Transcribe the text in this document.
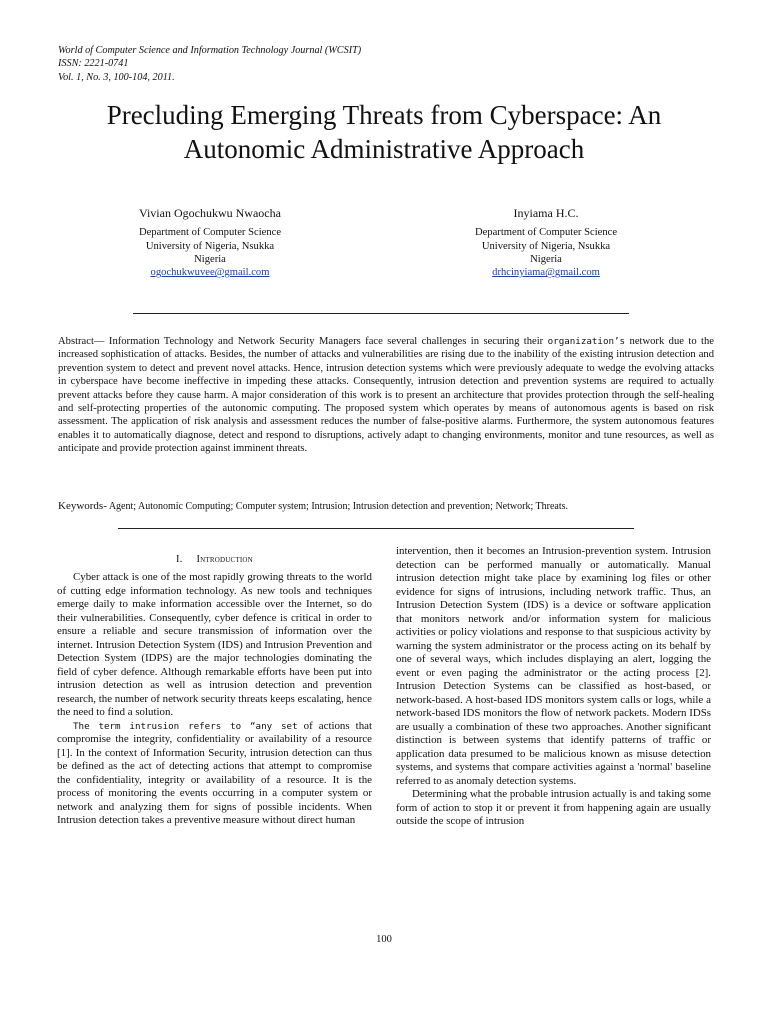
World of Computer Science and Information Technology Journal (WCSIT)
ISSN: 2221-0741
Vol. 1, No. 3, 100-104, 2011.
Precluding Emerging Threats from Cyberspace: An
Autonomic Administrative Approach
Vivian Ogochukwu Nwaocha
Department of Computer Science
University of Nigeria, Nsukka
Nigeria
ogochukwuvee@gmail.com
Inyiama H.C.
Department of Computer Science
University of Nigeria, Nsukka
Nigeria
drhcinyiama@gmail.com
Abstract— Information Technology and Network Security Managers face several challenges in securing their organization’s network due to the increased sophistication of attacks. Besides, the number of attacks and vulnerabilities are rising due to the inability of the existing intrusion detection and prevention system to detect and prevent novel attacks. Hence, intrusion detection systems which were previously adequate to wedge the evolving attacks in cyberspace have become ineffective in impeding these attacks. Consequently, intrusion detection and prevention systems are required to actually prevent attacks before they cause harm. A major consideration of this work is to present an architecture that provides protection through the self-healing and self-protecting properties of the autonomic computing. The proposed system which operates by means of autonomous agents is based on risk assessment. The application of risk analysis and assessment reduces the number of false-positive alarms. Furthermore, the system autonomous features enables it to automatically diagnose, detect and respond to disruptions, actively adapt to changing environments, monitor and tune resources, as well as anticipate and provide protection against imminent threats.
Keywords- Agent; Autonomic Computing; Computer system; Intrusion; Intrusion detection and prevention; Network; Threats.
I. Introduction

Cyber attack is one of the most rapidly growing threats to the world of cutting edge information technology. As new tools and techniques emerge daily to make information accessible over the Internet, so do their vulnerabilities. Consequently, cyber defence is critical in order to ensure a reliable and secure transmission of information over the internet. Intrusion Detection System (IDS) and Intrusion Prevention and Detection System (IDPS) are the major technologies dominating the field of cyber defence. Although remarkable efforts have been put into intrusion detection as well as intrusion detection and prevention research, the number of network security threats keeps escalating, hence the need to find a solution.

The term intrusion refers to “any set of actions that compromise the integrity, confidentiality or availability of a resource [1]. In the context of Information Security, intrusion detection can thus be defined as the act of detecting actions that attempt to compromise the confidentiality, integrity or availability of a resource. It is the process of monitoring the events occurring in a computer system or network and analyzing them for signs of possible incidents. When Intrusion detection takes a preventive measure without direct human

intervention, then it becomes an Intrusion-prevention system. Intrusion detection can be performed manually or automatically. Manual intrusion detection might take place by examining log files or other evidence for signs of intrusions, including network traffic. Thus, an Intrusion Detection System (IDS) is a device or software application that monitors network and/or information system for malicious activities or policy violations and response to that suspicious activity by warning the system administrator or the process acting on its behalf by one of several ways, which includes displaying an alert, logging the event or even paging the administrator or the acting process [2]. Intrusion Detection Systems can be classified as host-based, or network-based. A host-based IDS monitors system calls or logs, while a network-based IDS monitors the flow of network packets. Modern IDSs are usually a combination of these two approaches. Another significant distinction is between systems that identify patterns of traffic or application data presumed to be malicious known as misuse detection systems, and systems that compare activities against a 'normal' baseline referred to as anomaly detection systems.

Determining what the probable intrusion actually is and taking some form of action to stop it or prevent it from happening again are usually outside the scope of intrusion

100
